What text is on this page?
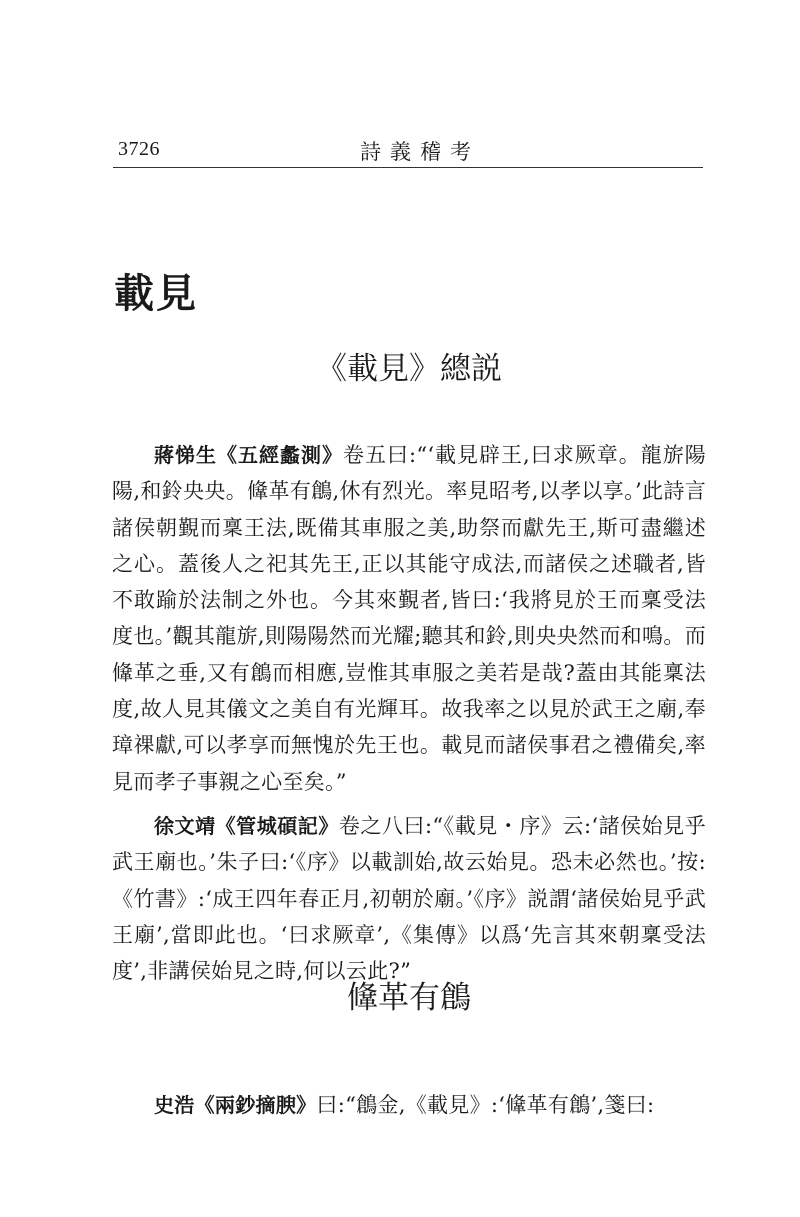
3726	詩義稽考
載見
《載見》總説

蔣悌生《五經蠡測》卷五曰:“‘載見辟王,曰求厥章。龍旂陽陽,和鈴央央。鞗革有鶬,休有烈光。率見昭考,以孝以享。’此詩言諸侯朝覲而稟王法,既備其車服之美,助祭而獻先王,斯可盡繼述之心。蓋後人之祀其先王,正以其能守成法,而諸侯之述職者,皆不敢踰於法制之外也。今其來覲者,皆曰:‘我將見於王而稟受法度也。’觀其龍旂,則陽陽然而光耀;聽其和鈴,則央央然而和鳴。而鞗革之垂,又有鶬而相應,豈惟其車服之美若是哉?蓋由其能稟法度,故人見其儀文之美自有光輝耳。故我率之以見於武王之廟,奉璋祼獻,可以孝享而無愧於先王也。載見而諸侯事君之禮備矣,率見而孝子事親之心至矣。”

徐文靖《管城碩記》卷之八曰:“《載見・序》云:‘諸侯始見乎武王廟也。’朱子曰:‘《序》以載訓始,故云始見。恐未必然也。’按:《竹書》:‘成王四年春正月,初朝於廟。’《序》説謂‘諸侯始見乎武王廟’,當即此也。‘曰求厥章’,《集傳》以爲‘先言其來朝稟受法度’,非講侯始見之時,何以云此?”

鞗革有鶬

史浩《兩鈔摘腴》曰:“鶬金,《載見》:‘鞗革有鶬’,箋曰:
